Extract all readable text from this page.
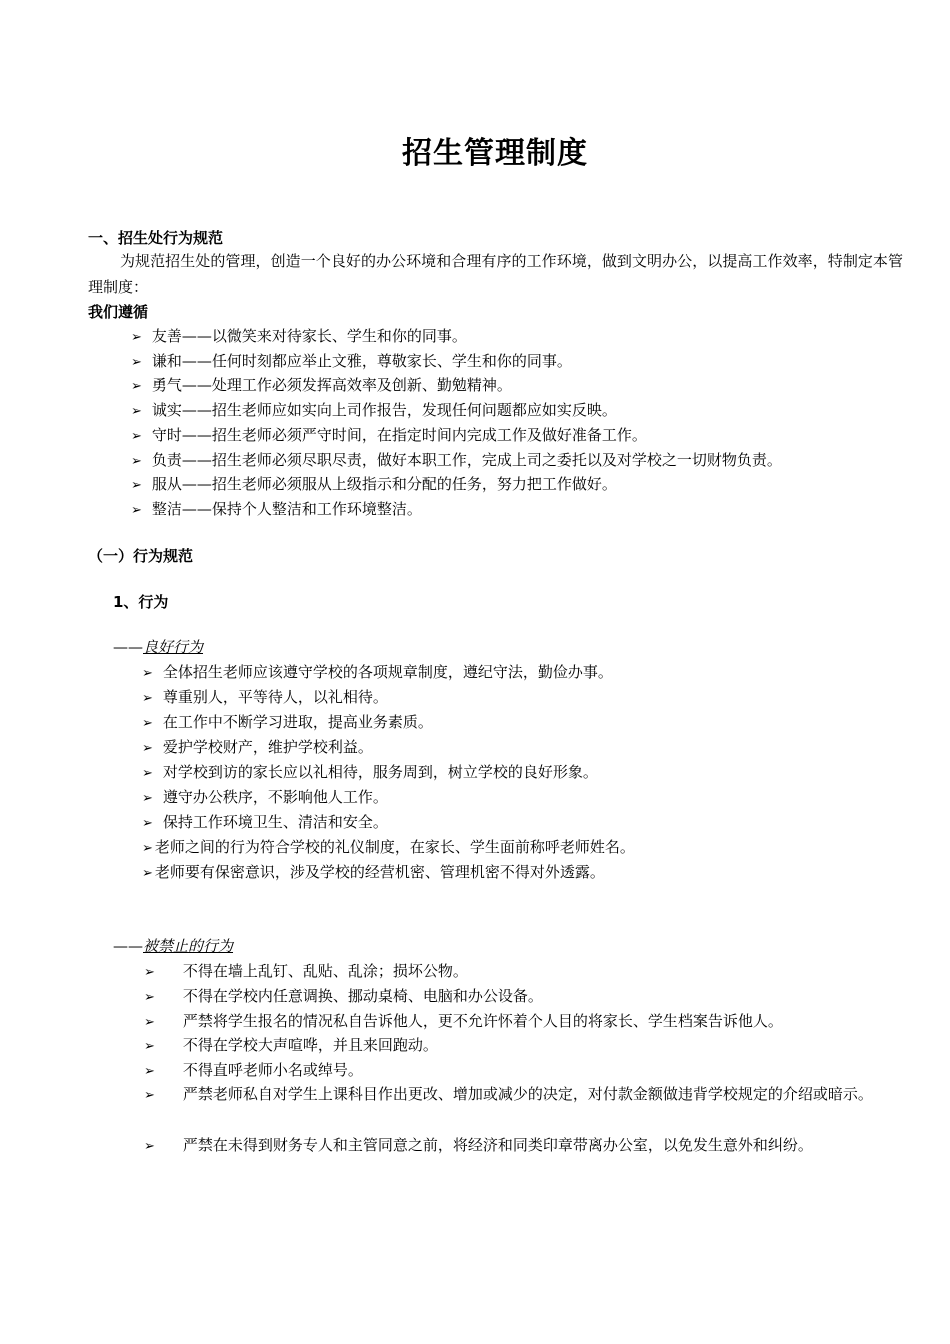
招生管理制度
一、招生处行为规范
为规范招生处的管理，创造一个良好的办公环境和合理有序的工作环境，做到文明办公，以提高工作效率，特制定本管理制度：
我们遵循
➢ 友善——以微笑来对待家长、学生和你的同事。
➢ 谦和——任何时刻都应举止文雅，尊敬家长、学生和你的同事。
➢ 勇气——处理工作必须发挥高效率及创新、勤勉精神。
➢ 诚实——招生老师应如实向上司作报告，发现任何问题都应如实反映。
➢ 守时——招生老师必须严守时间，在指定时间内完成工作及做好准备工作。
➢ 负责——招生老师必须尽职尽责，做好本职工作，完成上司之委托以及对学校之一切财物负责。
➢ 服从——招生老师必须服从上级指示和分配的任务，努力把工作做好。
➢ 整洁——保持个人整洁和工作环境整洁。
（一）行为规范
1、行为
——良好行为
➢ 全体招生老师应该遵守学校的各项规章制度，遵纪守法，勤俭办事。
➢ 尊重别人，平等待人，以礼相待。
➢ 在工作中不断学习进取，提高业务素质。
➢ 爱护学校财产，维护学校利益。
➢ 对学校到访的家长应以礼相待，服务周到，树立学校的良好形象。
➢ 遵守办公秩序，不影响他人工作。
➢ 保持工作环境卫生、清洁和安全。
➢ 老师之间的行为符合学校的礼仪制度，在家长、学生面前称呼老师姓名。
➢ 老师要有保密意识，涉及学校的经营机密、管理机密不得对外透露。
——被禁止的行为
➢ 不得在墙上乱钉、乱贴、乱涂；损坏公物。
➢ 不得在学校内任意调换、挪动桌椅、电脑和办公设备。
➢ 严禁将学生报名的情况私自告诉他人，更不允许怀着个人目的将家长、学生档案告诉他人。
➢ 不得在学校大声喧哗，并且来回跑动。
➢ 不得直呼老师小名或绰号。
➢ 严禁老师私自对学生上课科目作出更改、增加或减少的决定，对付款金额做违背学校规定的介绍或暗示。
➢ 严禁在未得到财务专人和主管同意之前，将经济和同类印章带离办公室，以免发生意外和纠纷。
